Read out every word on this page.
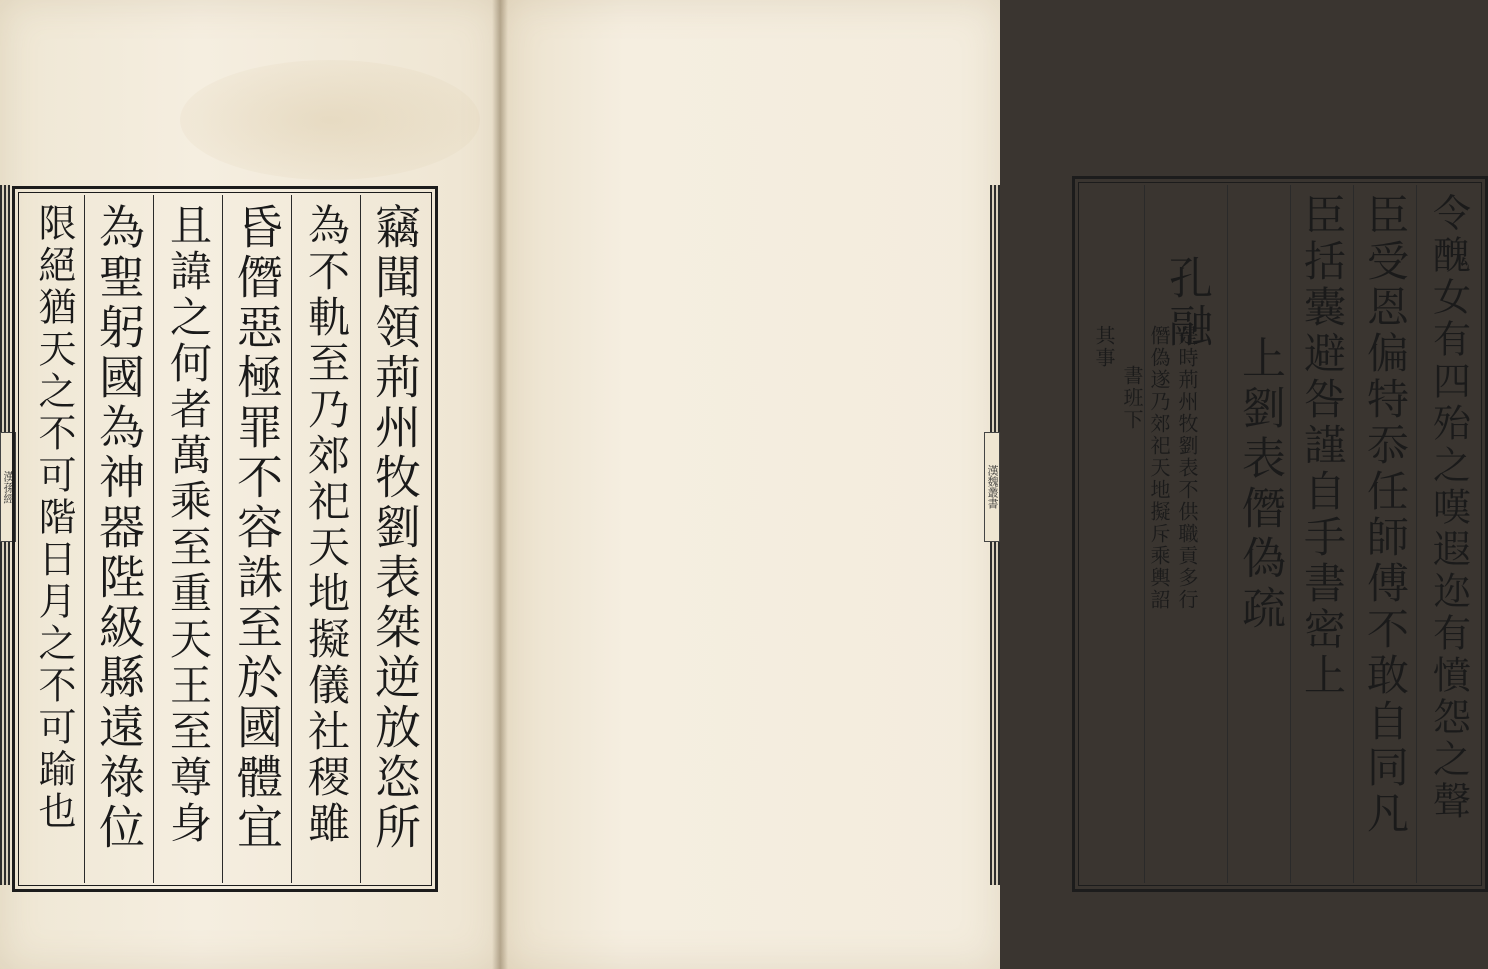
漢孫經	竊聞領荊州牧劉表桀逆放恣所
為不軌至乃郊祀天地擬儀社稷雖
昏僭惡極罪不容誅至於國體宜
且諱之何者萬乘至重天王至尊身
為聖躬國為神器陛級縣遠祿位
限絕猶天之不可階日月之不可踰也	漢魏叢書	令醜女有四殆之嘆遐迩有憤怨之聲
臣受恩偏特忝任師傅不敢自同凡
臣括囊避咎謹自手書密上
上劉表僭偽疏
孔融
是時荊州牧劉表不供職貢多行
僭偽遂乃郊祀天地擬斥乘輿詔
書班下
其事
